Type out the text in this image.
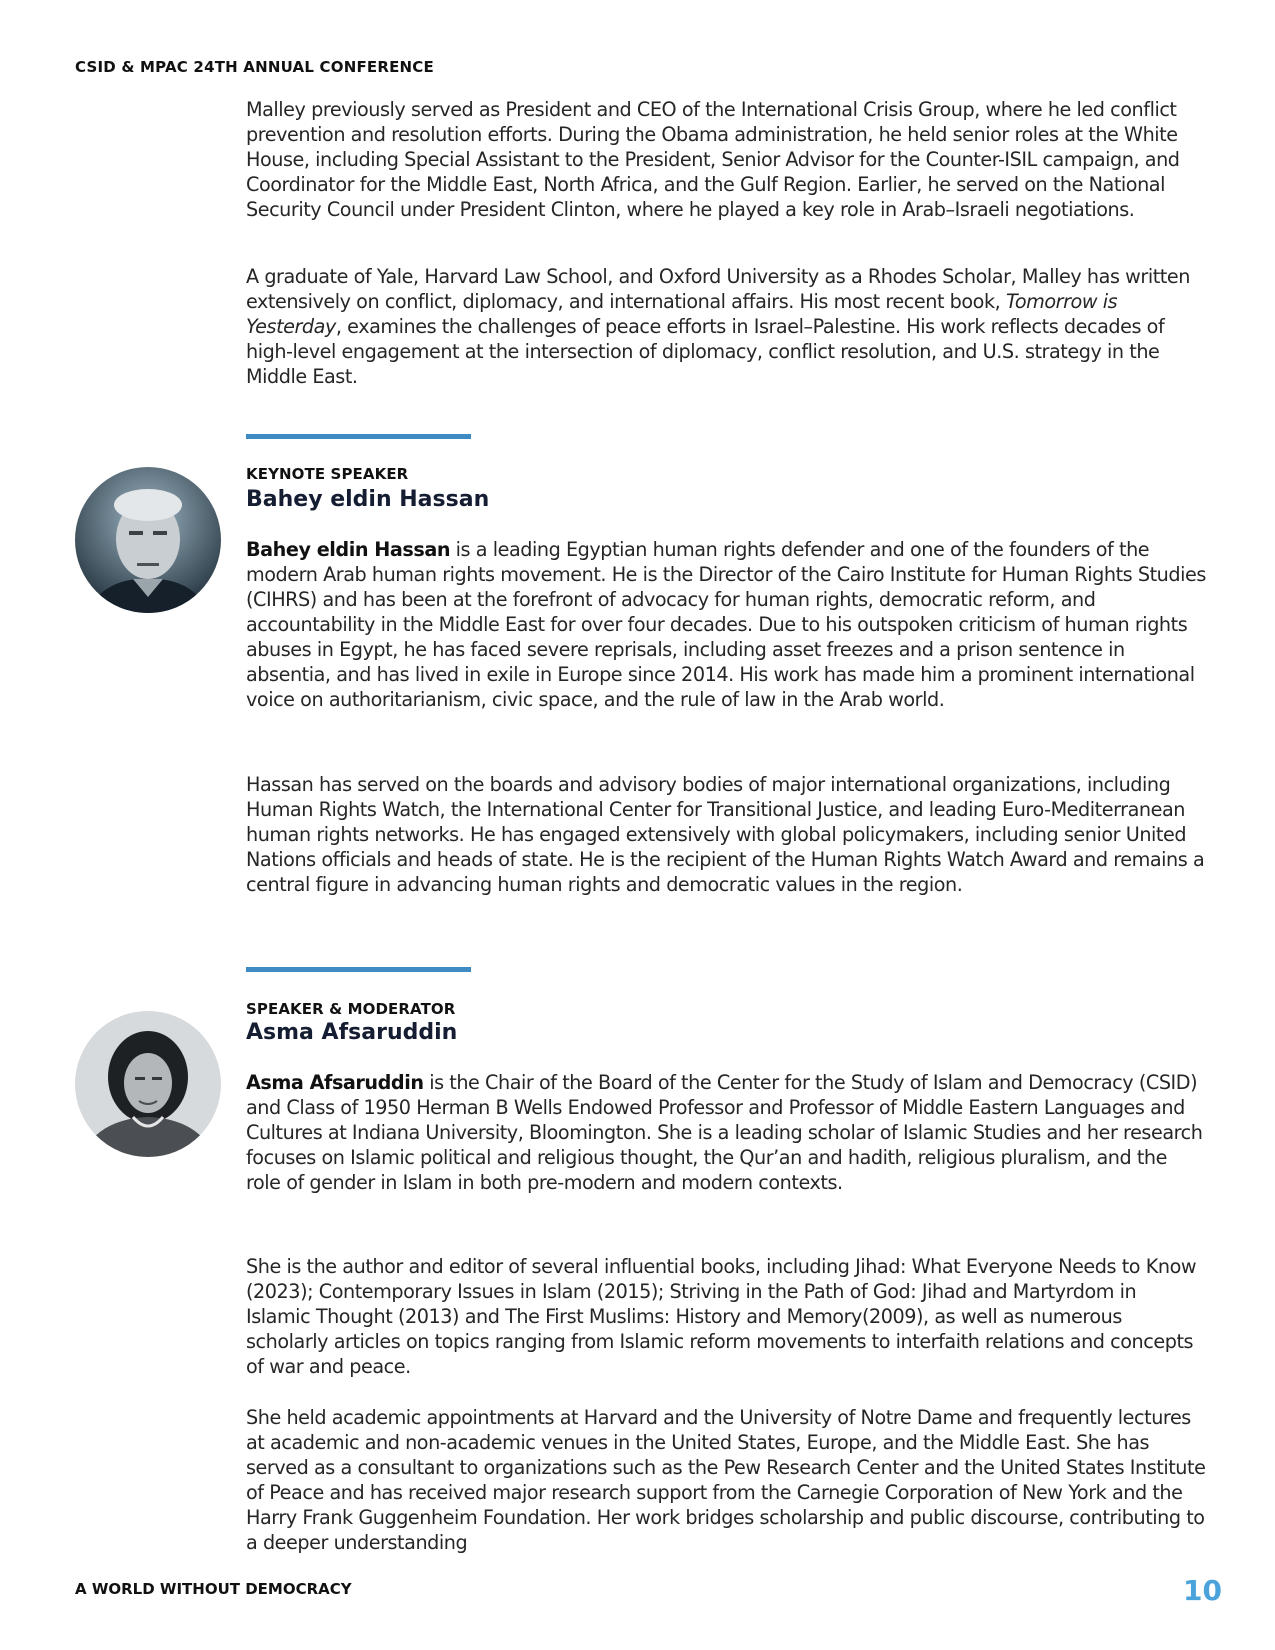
CSID & MPAC 24TH ANNUAL CONFERENCE

Malley previously served as President and CEO of the International Crisis Group, where he led conflict prevention and resolution efforts. During the Obama administration, he held senior roles at the White House, including Special Assistant to the President, Senior Advisor for the Counter-ISIL campaign, and Coordinator for the Middle East, North Africa, and the Gulf Region. Earlier, he served on the National Security Council under President Clinton, where he played a key role in Arab–Israeli negotiations.

A graduate of Yale, Harvard Law School, and Oxford University as a Rhodes Scholar, Malley has written extensively on conflict, diplomacy, and international affairs. His most recent book, Tomorrow is Yesterday, examines the challenges of peace efforts in Israel–Palestine. His work reflects decades of high-level engagement at the intersection of diplomacy, conflict resolution, and U.S. strategy in the Middle East.

KEYNOTE SPEAKER
Bahey eldin Hassan

Bahey eldin Hassan is a leading Egyptian human rights defender and one of the founders of the modern Arab human rights movement. He is the Director of the Cairo Institute for Human Rights Studies (CIHRS) and has been at the forefront of advocacy for human rights, democratic reform, and accountability in the Middle East for over four decades. Due to his outspoken criticism of human rights abuses in Egypt, he has faced severe reprisals, including asset freezes and a prison sentence in absentia, and has lived in exile in Europe since 2014. His work has made him a prominent international voice on authoritarianism, civic space, and the rule of law in the Arab world.

Hassan has served on the boards and advisory bodies of major international organizations, including Human Rights Watch, the International Center for Transitional Justice, and leading Euro-Mediterranean human rights networks. He has engaged extensively with global policymakers, including senior United Nations officials and heads of state. He is the recipient of the Human Rights Watch Award and remains a central figure in advancing human rights and democratic values in the region.

SPEAKER & MODERATOR
Asma Afsaruddin

Asma Afsaruddin is the Chair of the Board of the Center for the Study of Islam and Democracy (CSID) and Class of 1950 Herman B Wells Endowed Professor and Professor of Middle Eastern Languages and Cultures at Indiana University, Bloomington. She is a leading scholar of Islamic Studies and her research focuses on Islamic political and religious thought, the Qur’an and hadith, religious pluralism, and the role of gender in Islam in both pre-modern and modern contexts.

She is the author and editor of several influential books, including Jihad: What Everyone Needs to Know (2023); Contemporary Issues in Islam (2015); Striving in the Path of God: Jihad and Martyrdom in Islamic Thought (2013) and The First Muslims: History and Memory(2009), as well as numerous scholarly articles on topics ranging from Islamic reform movements to interfaith relations and concepts of war and peace.

She held academic appointments at Harvard and the University of Notre Dame and frequently lectures at academic and non-academic venues in the United States, Europe, and the Middle East. She has served as a consultant to organizations such as the Pew Research Center and the United States Institute of Peace and has received major research support from the Carnegie Corporation of New York and the Harry Frank Guggenheim Foundation. Her work bridges scholarship and public discourse, contributing to a deeper understanding

A WORLD WITHOUT DEMOCRACY	10
